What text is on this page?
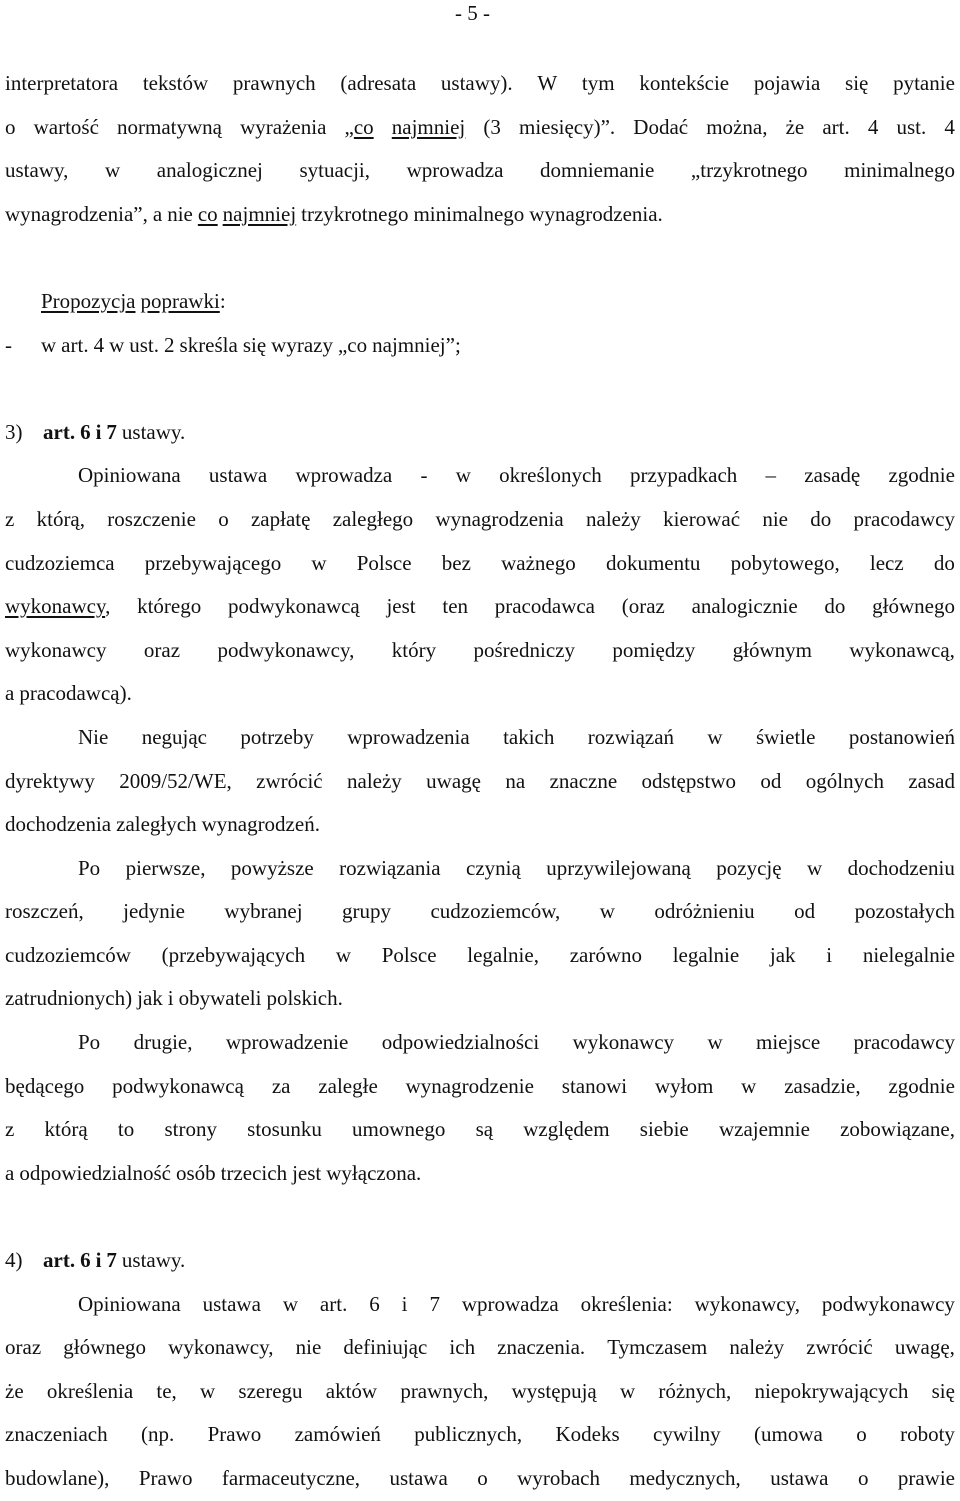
- 5 -
interpretatora tekstów prawnych (adresata ustawy). W tym kontekście pojawia się pytanie
o wartość normatywną wyrażenia „co najmniej (3 miesięcy)”. Dodać można, że art. 4 ust. 4
ustawy, w analogicznej sytuacji, wprowadza domniemanie „trzykrotnego minimalnego
wynagrodzenia”, a nie co najmniej trzykrotnego minimalnego wynagrodzenia.
Propozycja poprawki:
-	w art. 4 w ust. 2 skreśla się wyrazy „co najmniej”;
3) art. 6 i 7 ustawy.
Opiniowana ustawa wprowadza - w określonych przypadkach – zasadę zgodnie
z którą, roszczenie o zapłatę zaległego wynagrodzenia należy kierować nie do pracodawcy
cudzoziemca przebywającego w Polsce bez ważnego dokumentu pobytowego, lecz do
wykonawcy, którego podwykonawcą jest ten pracodawca (oraz analogicznie do głównego
wykonawcy oraz podwykonawcy, który pośredniczy pomiędzy głównym wykonawcą,
a pracodawcą).
Nie negując potrzeby wprowadzenia takich rozwiązań w świetle postanowień
dyrektywy 2009/52/WE, zwrócić należy uwagę na znaczne odstępstwo od ogólnych zasad
dochodzenia zaległych wynagrodzeń.
Po pierwsze, powyższe rozwiązania czynią uprzywilejowaną pozycję w dochodzeniu
roszczeń, jedynie wybranej grupy cudzoziemców, w odróżnieniu od pozostałych
cudzoziemców (przebywających w Polsce legalnie, zarówno legalnie jak i nielegalnie
zatrudnionych) jak i obywateli polskich.
Po drugie, wprowadzenie odpowiedzialności wykonawcy w miejsce pracodawcy
będącego podwykonawcą za zaległe wynagrodzenie stanowi wyłom w zasadzie, zgodnie
z którą to strony stosunku umownego są względem siebie wzajemnie zobowiązane,
a odpowiedzialność osób trzecich jest wyłączona.
4) art. 6 i 7 ustawy.
Opiniowana ustawa w art. 6 i 7 wprowadza określenia: wykonawcy, podwykonawcy
oraz głównego wykonawcy, nie definiując ich znaczenia. Tymczasem należy zwrócić uwagę,
że określenia te, w szeregu aktów prawnych, występują w różnych, niepokrywających się
znaczeniach (np. Prawo zamówień publicznych, Kodeks cywilny (umowa o roboty
budowlane), Prawo farmaceutyczne, ustawa o wyrobach medycznych, ustawa o prawie
